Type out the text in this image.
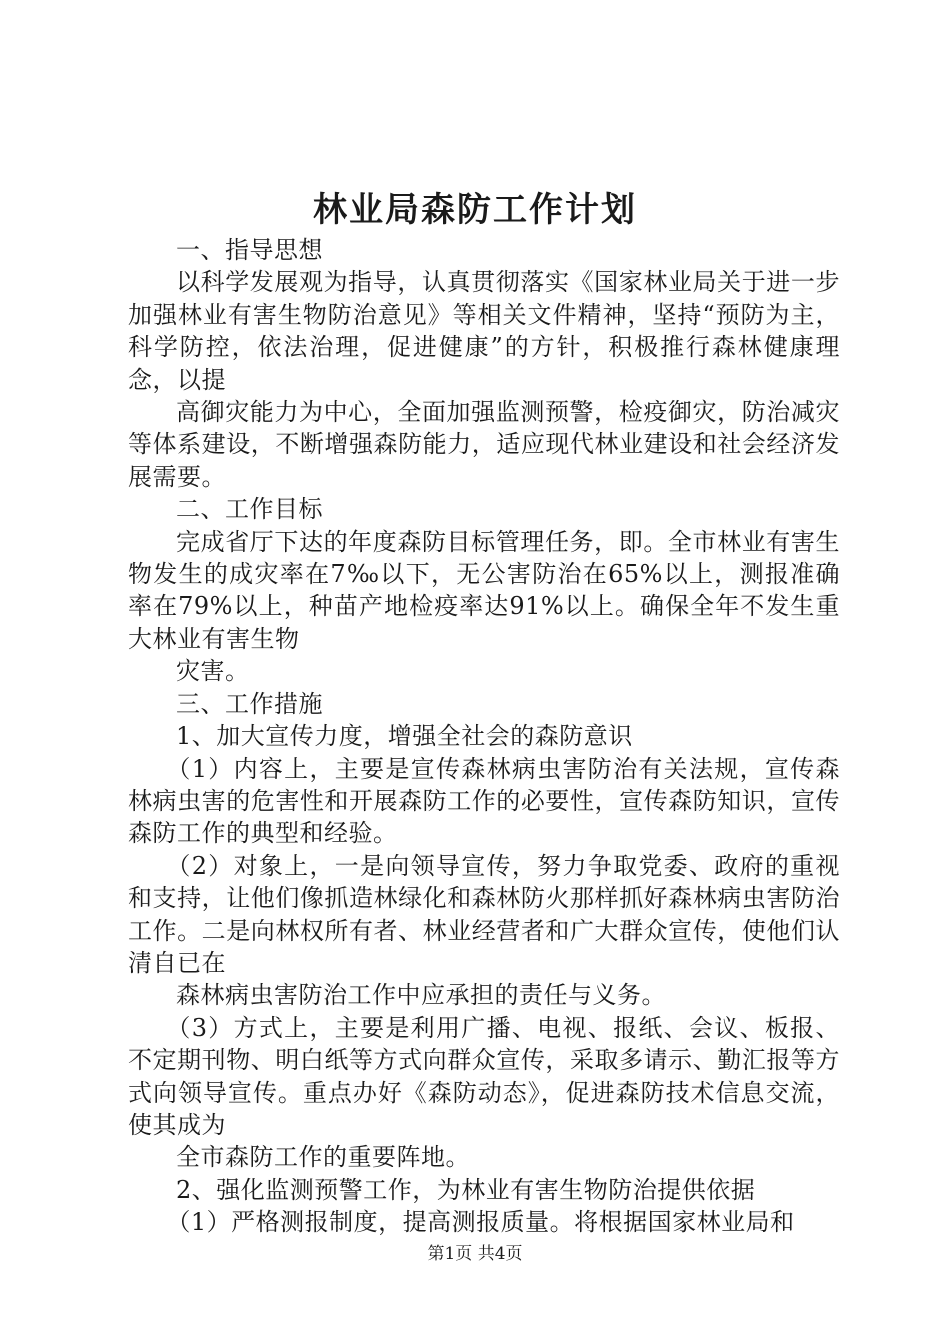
林业局森防工作计划

一、指导思想

以科学发展观为指导，认真贯彻落实《国家林业局关于进一步加强林业有害生物防治意见》等相关文件精神，坚持“预防为主，科学防控，依法治理，促进健康”的方针，积极推行森林健康理念，以提

高御灾能力为中心，全面加强监测预警，检疫御灾，防治减灾等体系建设，不断增强森防能力，适应现代林业建设和社会经济发展需要。

二、工作目标

完成省厅下达的年度森防目标管理任务，即。全市林业有害生物发生的成灾率在7‰以下，无公害防治在65%以上，测报准确率在79%以上，种苗产地检疫率达91%以上。确保全年不发生重大林业有害生物

灾害。

三、工作措施

1、加大宣传力度，增强全社会的森防意识

（1）内容上，主要是宣传森林病虫害防治有关法规，宣传森林病虫害的危害性和开展森防工作的必要性，宣传森防知识，宣传森防工作的典型和经验。

（2）对象上，一是向领导宣传，努力争取党委、政府的重视和支持，让他们像抓造林绿化和森林防火那样抓好森林病虫害防治工作。二是向林权所有者、林业经营者和广大群众宣传，使他们认清自已在

森林病虫害防治工作中应承担的责任与义务。

（3）方式上，主要是利用广播、电视、报纸、会议、板报、不定期刊物、明白纸等方式向群众宣传，采取多请示、勤汇报等方式向领导宣传。重点办好《森防动态》，促进森防技术信息交流，使其成为

全市森防工作的重要阵地。

2、强化监测预警工作，为林业有害生物防治提供依据

（1）严格测报制度，提高测报质量。将根据国家林业局和

第1页 共4页
